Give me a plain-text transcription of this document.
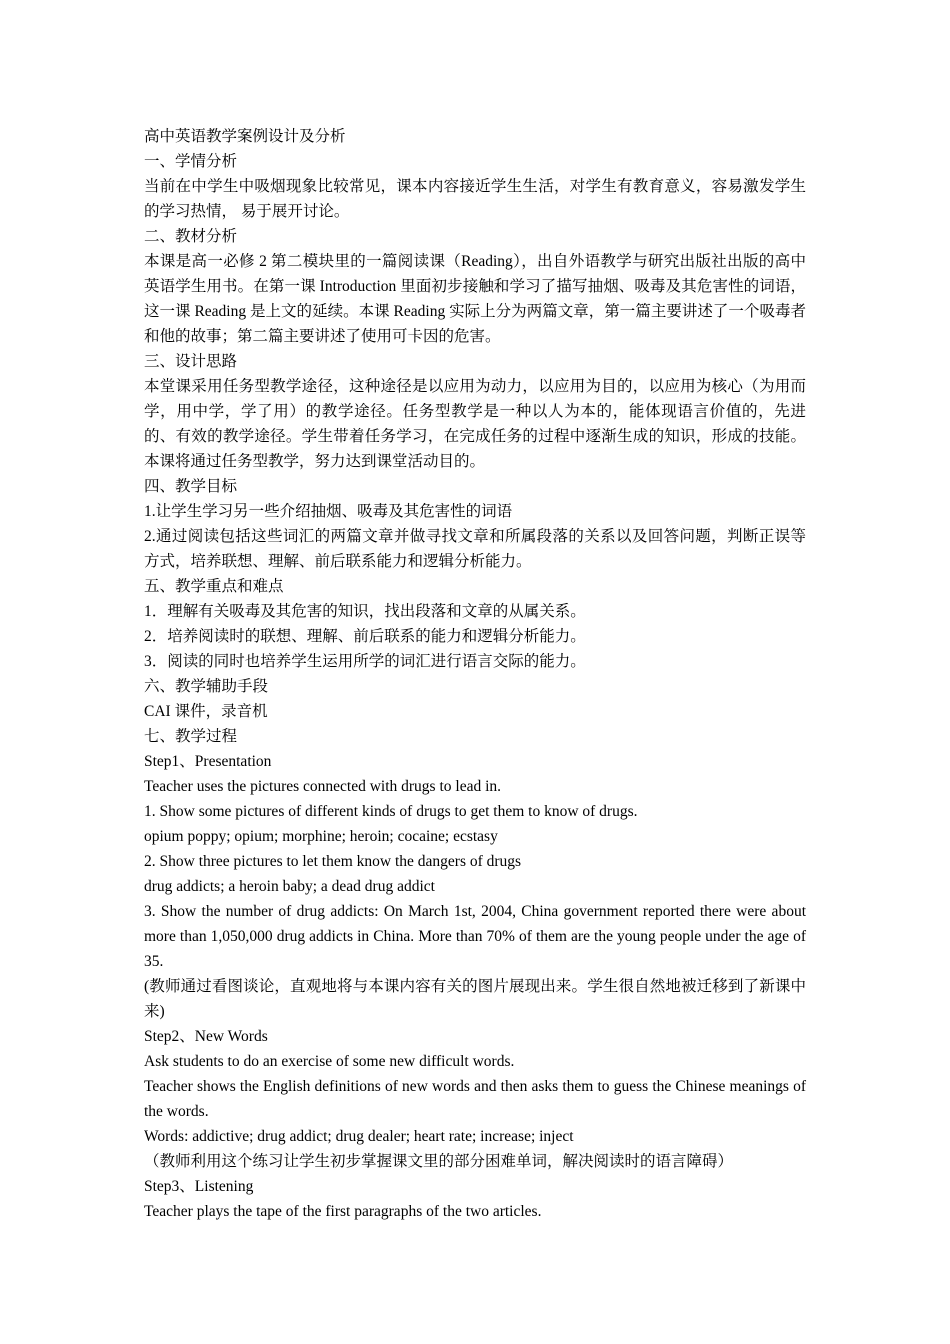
高中英语教学案例设计及分析
一、学情分析
当前在中学生中吸烟现象比较常见，课本内容接近学生生活，对学生有教育意义，容易激发学生的学习热情， 易于展开讨论。
二、教材分析
本课是高一必修 2 第二模块里的一篇阅读课（Reading），出自外语教学与研究出版社出版的高中英语学生用书。在第一课 Introduction 里面初步接触和学习了描写抽烟、吸毒及其危害性的词语，这一课 Reading 是上文的延续。本课 Reading 实际上分为两篇文章，第一篇主要讲述了一个吸毒者和他的故事；第二篇主要讲述了使用可卡因的危害。
三、设计思路
本堂课采用任务型教学途径，这种途径是以应用为动力，以应用为目的，以应用为核心（为用而学，用中学，学了用）的教学途径。任务型教学是一种以人为本的，能体现语言价值的，先进的、有效的教学途径。学生带着任务学习，在完成任务的过程中逐渐生成的知识，形成的技能。本课将通过任务型教学，努力达到课堂活动目的。
四、教学目标
1.让学生学习另一些介绍抽烟、吸毒及其危害性的词语
2.通过阅读包括这些词汇的两篇文章并做寻找文章和所属段落的关系以及回答问题，判断正误等方式，培养联想、理解、前后联系能力和逻辑分析能力。
五、教学重点和难点
1．理解有关吸毒及其危害的知识，找出段落和文章的从属关系。
2．培养阅读时的联想、理解、前后联系的能力和逻辑分析能力。
3．阅读的同时也培养学生运用所学的词汇进行语言交际的能力。
六、教学辅助手段
CAI 课件，录音机
七、教学过程
Step1、Presentation
Teacher uses the pictures connected with drugs to lead in.
1. Show some pictures of different kinds of drugs to get them to know of drugs.
opium poppy; opium; morphine; heroin; cocaine; ecstasy
2. Show three pictures to let them know the dangers of drugs
drug addicts; a heroin baby; a dead drug addict
3. Show the number of drug addicts: On March 1st, 2004, China government reported there were about more than 1,050,000 drug addicts in China. More than 70% of them are the young people under the age of 35.
(教师通过看图谈论，直观地将与本课内容有关的图片展现出来。学生很自然地被迁移到了新课中来)
Step2、New Words
Ask students to do an exercise of some new difficult words.
Teacher shows the English definitions of new words and then asks them to guess the Chinese meanings of the words.
Words: addictive; drug addict; drug dealer; heart rate; increase; inject
（教师利用这个练习让学生初步掌握课文里的部分困难单词，解决阅读时的语言障碍）
Step3、Listening
Teacher plays the tape of the first paragraphs of the two articles.
